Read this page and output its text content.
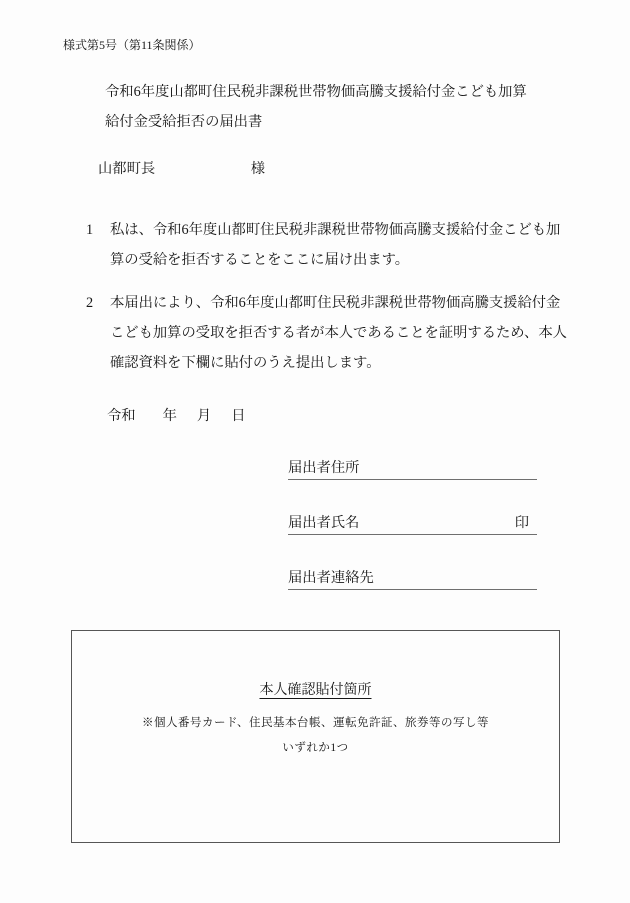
様式第5号（第11条関係）
令和6年度山都町住民税非課税世帯物価高騰支援給付金こども加算
給付金受給拒否の届出書
山都町長	様
1	私は、令和6年度山都町住民税非課税世帯物価高騰支援給付金こども加算の受給を拒否することをここに届け出ます。
2	本届出により、令和6年度山都町住民税非課税世帯物価高騰支援給付金こども加算の受取を拒否する者が本人であることを証明するため、本人確認資料を下欄に貼付のうえ提出します。
令和 年 月 日
届出者住所
届出者氏名	印
届出者連絡先
本人確認貼付箇所
※個人番号カード、住民基本台帳、運転免許証、旅券等の写し等
いずれか1つ
